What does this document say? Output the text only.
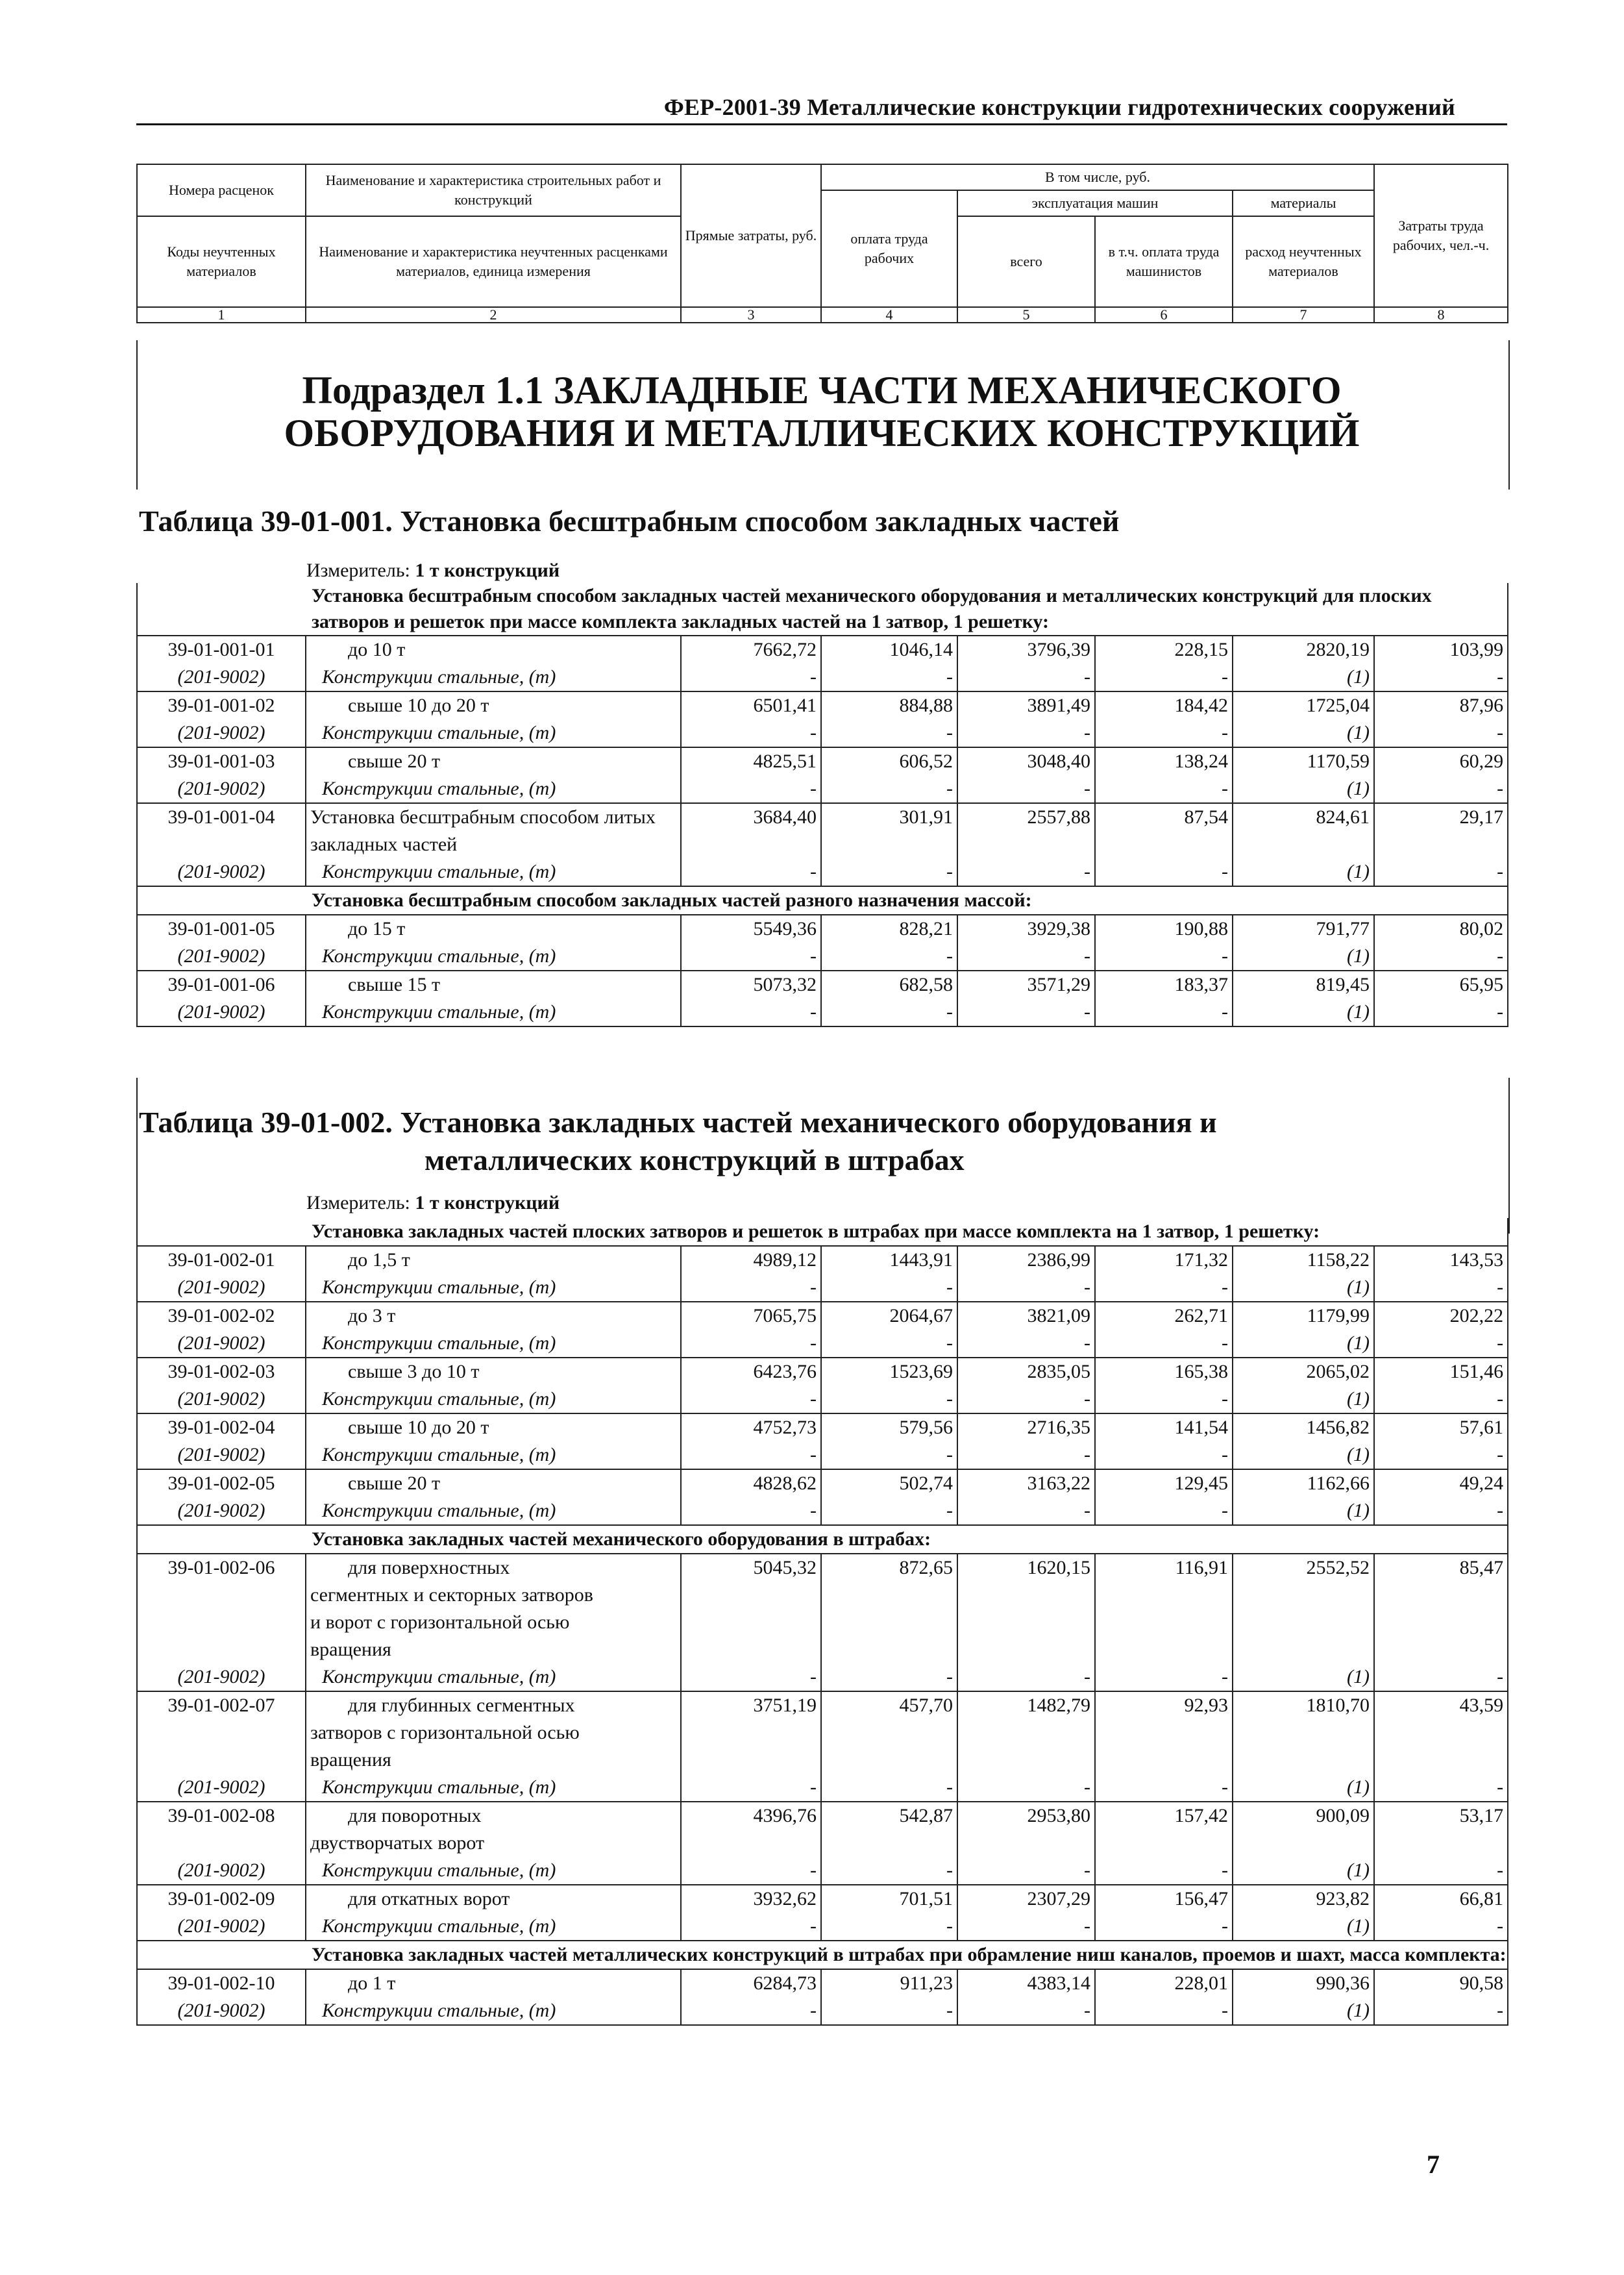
ФЕР-2001-39 Металлические конструкции гидротехнических сооружений
Номера расценок	Наименование и характеристика строительных работ и конструкций	Прямые затраты, руб.	В том числе, руб.				Затраты труда рабочих, чел.-ч.
			оплата труда рабочих	эксплуатация машин		материалы	
Коды неучтенных материалов	Наименование и характеристика неучтенных расценками материалов, единица измерения			всего	в т.ч. оплата труда машинистов	расход неучтенных материалов	

1	2	3	4	5	6	7	8
Подраздел 1.1 ЗАКЛАДНЫЕ ЧАСТИ МЕХАНИЧЕСКОГО ОБОРУДОВАНИЯ И МЕТАЛЛИЧЕСКИХ КОНСТРУКЦИЙ
Таблица 39-01-001. Установка бесштрабным способом закладных частей
Измеритель: 1 т конструкций
Установка бесштрабным способом закладных частей механического оборудования и металлических конструкций для плоских затворов и решеток при массе комплекта закладных частей на 1 затвор, 1 решетку:							

39-01-001-01	до 10 т	7662,72	1046,14	3796,39	228,15	2820,19	103,99
(201-9002)	Конструкции стальные, (т)	-	-	-	-	(1)	-
39-01-001-02	свыше 10 до 20 т	6501,41	884,88	3891,49	184,42	1725,04	87,96
(201-9002)	Конструкции стальные, (т)	-	-	-	-	(1)	-
39-01-001-03	свыше 20 т	4825,51	606,52	3048,40	138,24	1170,59	60,29
(201-9002)	Конструкции стальные, (т)	-	-	-	-	(1)	-
39-01-001-04	Установка бесштрабным способом литых закладных частей	3684,40	301,91	2557,88	87,54	824,61	29,17
(201-9002)	Конструкции стальные, (т)	-	-	-	-	(1)	-

Установка бесштрабным способом закладных частей разного назначения массой:							

39-01-001-05	до 15 т	5549,36	828,21	3929,38	190,88	791,77	80,02
(201-9002)	Конструкции стальные, (т)	-	-	-	-	(1)	-
39-01-001-06	свыше 15 т	5073,32	682,58	3571,29	183,37	819,45	65,95
(201-9002)	Конструкции стальные, (т)	-	-	-	-	(1)	-
Таблица 39-01-002. Установка закладных частей механического оборудования и
металлических конструкций в штрабах
Измеритель: 1 т конструкций
Установка закладных частей плоских затворов и решеток в штрабах при массе комплекта на 1 затвор, 1 решетку:							

39-01-002-01	до 1,5 т	4989,12	1443,91	2386,99	171,32	1158,22	143,53
(201-9002)	Конструкции стальные, (т)	-	-	-	-	(1)	-
39-01-002-02	до 3 т	7065,75	2064,67	3821,09	262,71	1179,99	202,22
(201-9002)	Конструкции стальные, (т)	-	-	-	-	(1)	-
39-01-002-03	свыше 3 до 10 т	6423,76	1523,69	2835,05	165,38	2065,02	151,46
(201-9002)	Конструкции стальные, (т)	-	-	-	-	(1)	-
39-01-002-04	свыше 10 до 20 т	4752,73	579,56	2716,35	141,54	1456,82	57,61
(201-9002)	Конструкции стальные, (т)	-	-	-	-	(1)	-
39-01-002-05	свыше 20 т	4828,62	502,74	3163,22	129,45	1162,66	49,24
(201-9002)	Конструкции стальные, (т)	-	-	-	-	(1)	-

Установка закладных частей механического оборудования в штрабах:							

39-01-002-06	для поверхностных
сегментных и секторных затворов
и ворот с горизонтальной осью
вращения	5045,32	872,65	1620,15	116,91	2552,52	85,47
(201-9002)	Конструкции стальные, (т)	-	-	-	-	(1)	-
39-01-002-07	для глубинных сегментных
затворов с горизонтальной осью
вращения	3751,19	457,70	1482,79	92,93	1810,70	43,59
(201-9002)	Конструкции стальные, (т)	-	-	-	-	(1)	-
39-01-002-08	для поворотных
двустворчатых ворот	4396,76	542,87	2953,80	157,42	900,09	53,17
(201-9002)	Конструкции стальные, (т)	-	-	-	-	(1)	-
39-01-002-09	для откатных ворот	3932,62	701,51	2307,29	156,47	923,82	66,81
(201-9002)	Конструкции стальные, (т)	-	-	-	-	(1)	-

Установка закладных частей металлических конструкций в штрабах при обрамление ниш каналов, проемов и шахт, масса комплекта:							

39-01-002-10	до 1 т	6284,73	911,23	4383,14	228,01	990,36	90,58
(201-9002)	Конструкции стальные, (т)	-	-	-	-	(1)	-
7
